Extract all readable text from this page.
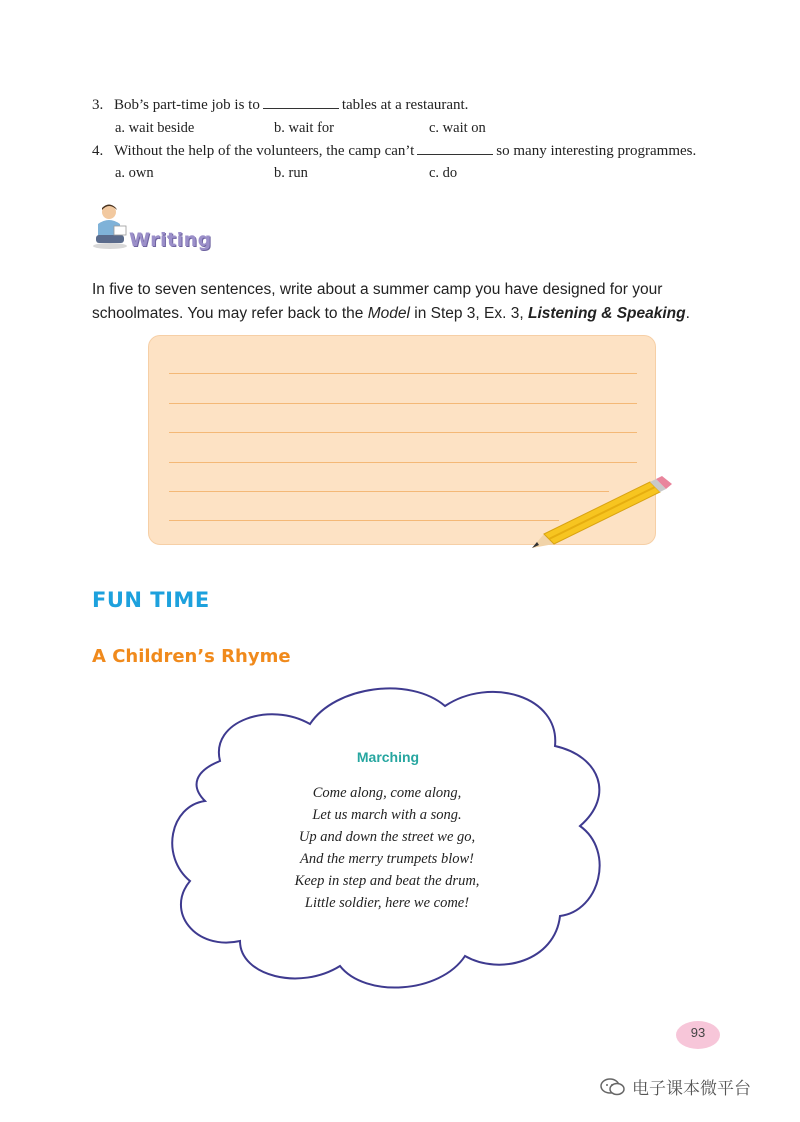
3. Bob’s part-time job is to	tables at a restaurant.
a. wait beside	b. wait for	c. wait on
4. Without the help of the volunteers, the camp can’t	so many interesting programmes.
a. own	b. run	c. do
Writing
In five to seven sentences, write about a summer camp you have designed for your
schoolmates. You may refer back to the Model in Step 3, Ex. 3, Listening & Speaking.
FUN TIME
A Children’s Rhyme
Marching
Come along, come along,
Let us march with a song.
Up and down the street we go,
And the merry trumpets blow!
Keep in step and beat the drum,
Little soldier, here we come!
93
电子课本微平台
